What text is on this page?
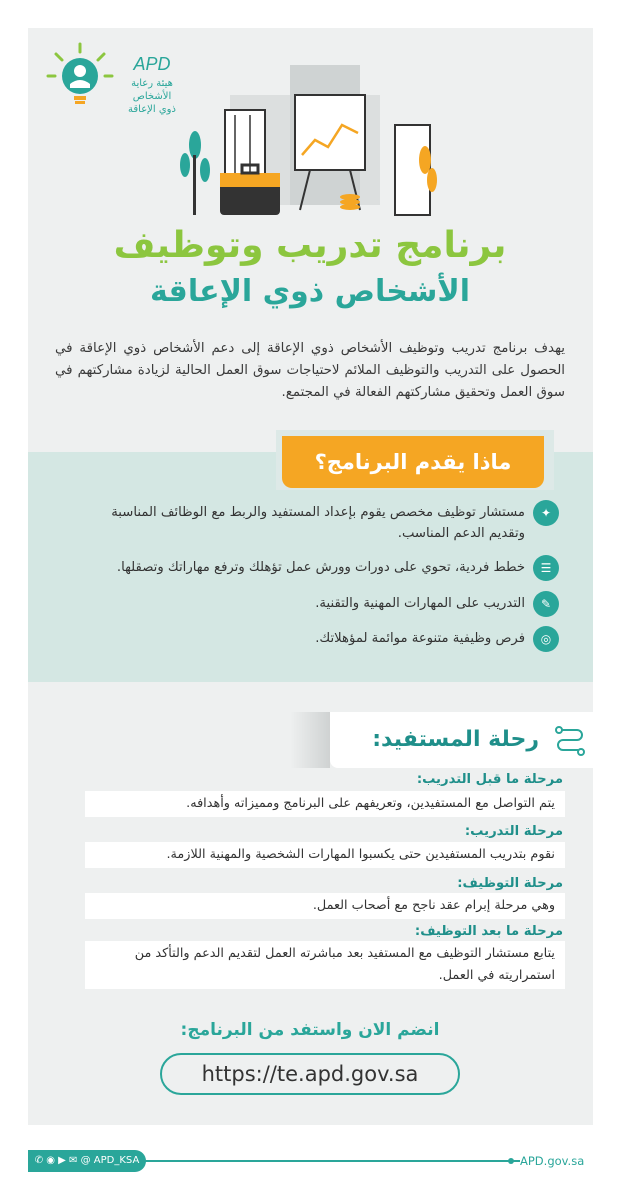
APD
هيئة رعاية
الأشخاص
ذوي الإعاقة
برنامج تدريب وتوظيف
الأشخاص ذوي الإعاقة
يهدف برنامج تدريب وتوظيف الأشخاص ذوي الإعاقة إلى دعم الأشخاص ذوي الإعاقة في الحصول على التدريب والتوظيف الملائم لاحتياجات سوق العمل الحالية لزيادة مشاركتهم في سوق العمل وتحقيق مشاركتهم الفعالة في المجتمع.
ماذا يقدم البرنامج؟
✦
مستشار توظيف مخصص يقوم بإعداد المستفيد والربط مع الوظائف المناسبة وتقديم الدعم المناسب.
☰
خطط فردية، تحوي على دورات وورش عمل تؤهلك وترفع مهاراتك وتصقلها.
✎
التدريب على المهارات المهنية والتقنية.
◎
فرص وظيفية متنوعة موائمة لمؤهلاتك.
رحلة المستفيد:
مرحلة ما قبل التدريب:
يتم التواصل مع المستفيدين، وتعريفهم على البرنامج ومميزاته وأهدافه.
مرحلة التدريب:
نقوم بتدريب المستفيدين حتى يكسبوا المهارات الشخصية والمهنية اللازمة.
مرحلة التوظيف:
وهي مرحلة إبرام عقد ناجح مع أصحاب العمل.
مرحلة ما بعد التوظيف:
يتابع مستشار التوظيف مع المستفيد بعد مباشرته العمل لتقديم الدعم والتأكد من استمراريته في العمل.
انضم الان واستفد من البرنامج:
https://te.apd.gov.sa
✆ ◉ ▶ ✉ @ APD_KSA	APD.gov.sa
